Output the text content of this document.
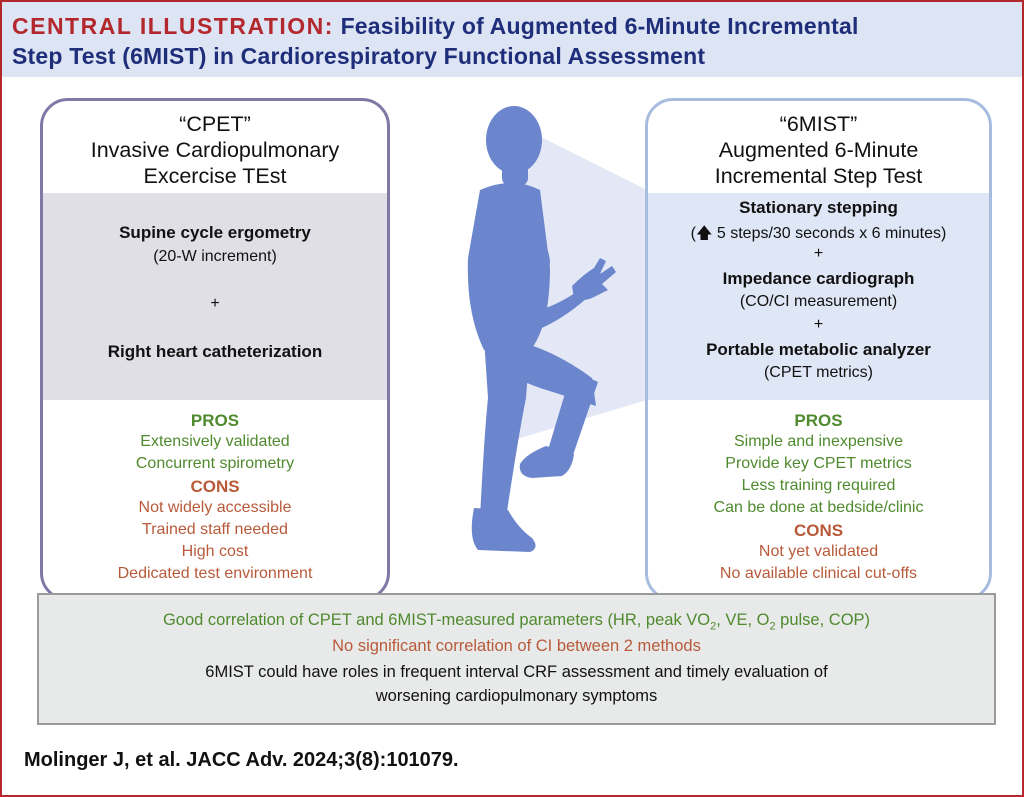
CENTRAL ILLUSTRATION: Feasibility of Augmented 6-Minute Incremental
Step Test (6MIST) in Cardiorespiratory Functional Assessment
“CPET”
Invasive Cardiopulmonary
Excercise TEst
Supine cycle ergometry
(20-W increment)
+
Right heart catheterization
PROS
Extensively validated
Concurrent spirometry
CONS
Not widely accessible
Trained staff needed
High cost
Dedicated test environment
“6MIST”
Augmented 6-Minute
Incremental Step Test
Stationary stepping
(🡅 5 steps/30 seconds x 6 minutes)
+
Impedance cardiograph
(CO/CI measurement)
+
Portable metabolic analyzer
(CPET metrics)
PROS
Simple and inexpensive
Provide key CPET metrics
Less training required
Can be done at bedside/clinic
CONS
Not yet validated
No available clinical cut-offs
Good correlation of CPET and 6MIST-measured parameters (HR, peak $VO_2$, VE, $O_2$ pulse, COP)
No significant correlation of CI between 2 methods
6MIST could have roles in frequent interval CRF assessment and timely evaluation of
worsening cardiopulmonary symptoms
Molinger J, et al. JACC Adv. 2024;3(8):101079.
